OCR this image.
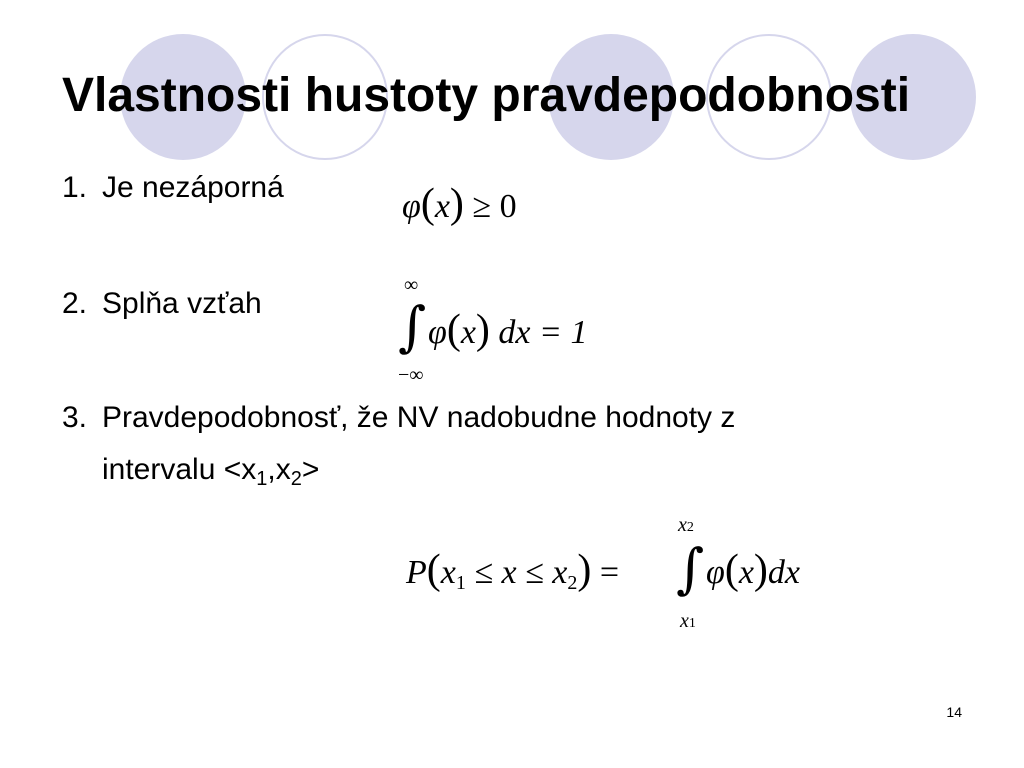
Vlastnosti hustoty pravdepodobnosti
1. Je nezáporná
φ(x) ≥ 0
2. Splňa vzťah
∞
∫
−∞
φ(x) dx = 1
3. Pravdepodobnosť, že NV nadobudne hodnoty z
intervalu $<x_1,x_2>$
$P(x_1 \le x \le x_2)$ =
x2
∫
x1
φ(x)dx
14
